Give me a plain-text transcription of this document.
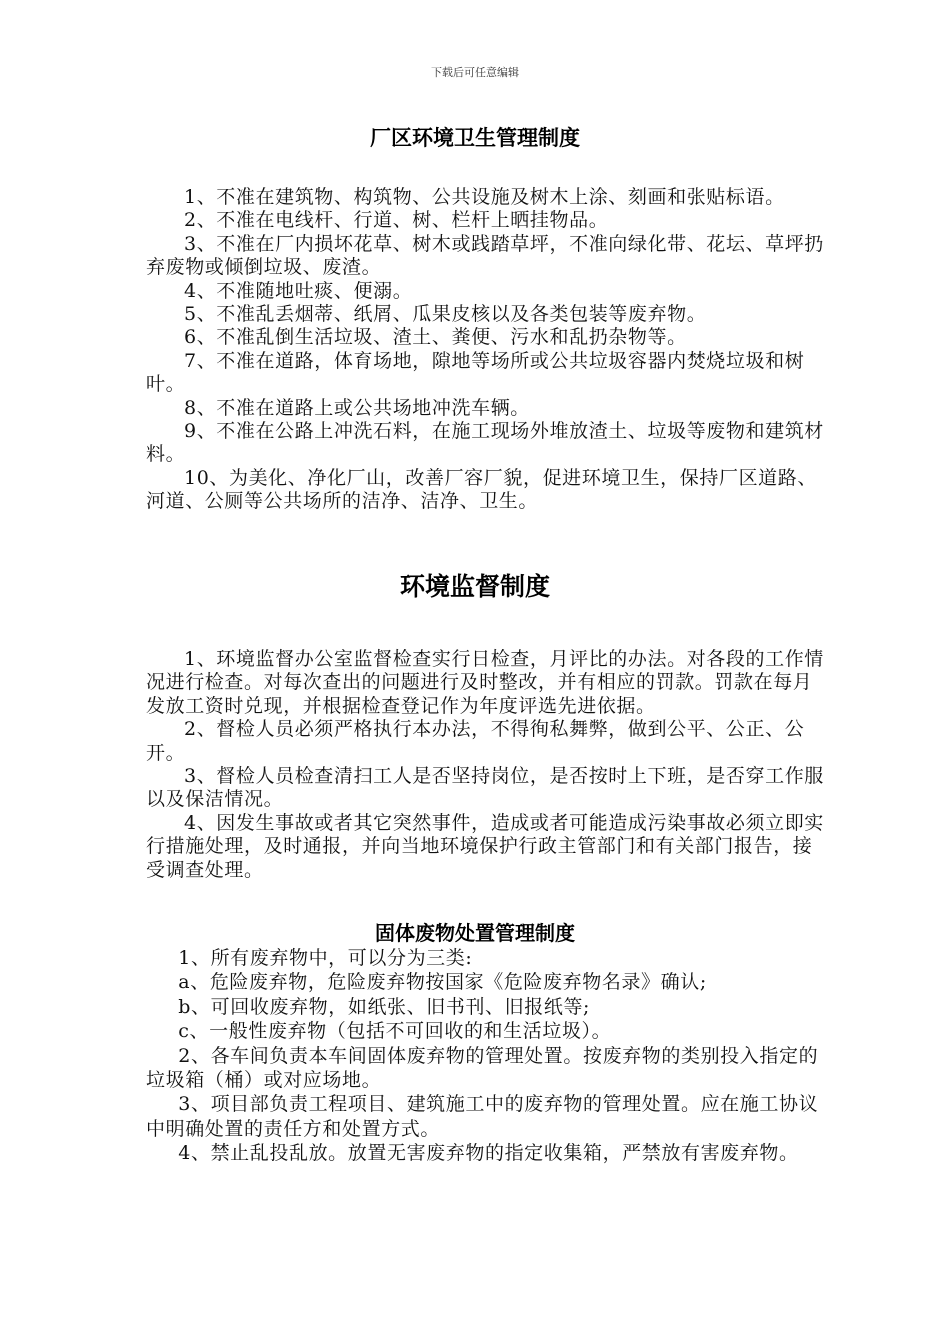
下载后可任意编辑
厂区环境卫生管理制度

1、不准在建筑物、构筑物、公共设施及树木上涂、刻画和张贴标语。

2、不准在电线杆、行道、树、栏杆上晒挂物品。

3、不准在厂内损坏花草、树木或践踏草坪，不准向绿化带、花坛、草坪扔弃废物或倾倒垃圾、废渣。

4、不准随地吐痰、便溺。

5、不准乱丢烟蒂、纸屑、瓜果皮核以及各类包装等废弃物。

6、不准乱倒生活垃圾、渣土、粪便、污水和乱扔杂物等。

7、不准在道路，体育场地，隙地等场所或公共垃圾容器内焚烧垃圾和树叶。

8、不准在道路上或公共场地冲洗车辆。

9、不准在公路上冲洗石料，在施工现场外堆放渣土、垃圾等废物和建筑材料。

10、为美化、净化厂山，改善厂容厂貌，促进环境卫生，保持厂区道路、河道、公厕等公共场所的洁净、洁净、卫生。

环境监督制度

1、环境监督办公室监督检查实行日检查，月评比的办法。对各段的工作情况进行检查。对每次查出的问题进行及时整改，并有相应的罚款。罚款在每月发放工资时兑现，并根据检查登记作为年度评选先进依据。

2、督检人员必须严格执行本办法，不得徇私舞弊，做到公平、公正、公开。

3、督检人员检查清扫工人是否坚持岗位，是否按时上下班，是否穿工作服以及保洁情况。

4、因发生事故或者其它突然事件，造成或者可能造成污染事故必须立即实行措施处理，及时通报，并向当地环境保护行政主管部门和有关部门报告，接受调查处理。

固体废物处置管理制度

1、所有废弃物中，可以分为三类:

a、危险废弃物，危险废弃物按国家《危险废弃物名录》确认;

b、可回收废弃物，如纸张、旧书刊、旧报纸等;

c、一般性废弃物（包括不可回收的和生活垃圾）。

2、各车间负责本车间固体废弃物的管理处置。按废弃物的类别投入指定的垃圾箱（桶）或对应场地。

3、项目部负责工程项目、建筑施工中的废弃物的管理处置。应在施工协议中明确处置的责任方和处置方式。

4、禁止乱投乱放。放置无害废弃物的指定收集箱，严禁放有害废弃物。
